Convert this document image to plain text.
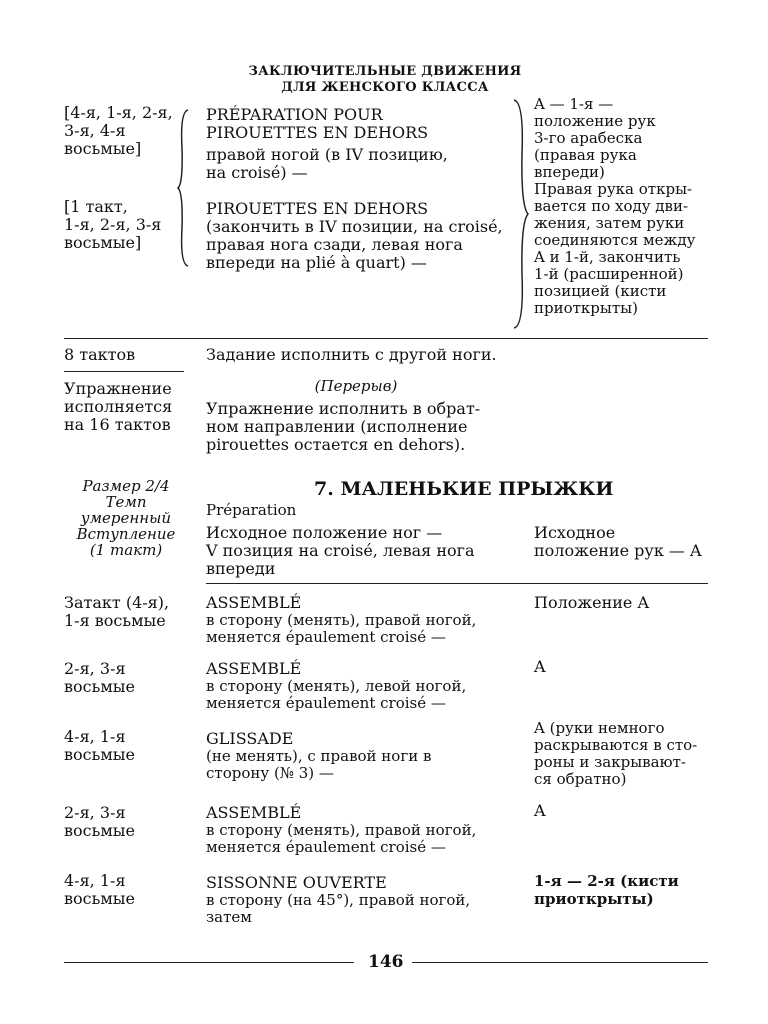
ЗАКЛЮЧИТЕЛЬНЫЕ ДВИЖЕНИЯ
ДЛЯ ЖЕНСКОГО КЛАССА
[4-я, 1-я, 2-я,
3-я, 4-я
восьмые]
[1 такт,
1-я, 2-я, 3-я
восьмые]
PRÉPARATION POUR
PIROUETTES EN DEHORS
правой ногой (в IV позицию,
на croisé) —
PIROUETTES EN DEHORS
(закончить в IV позиции, на croisé,
правая нога сзади, левая нога
впереди на plié à quart) —
A — 1-я —
положение рук
3-го арабеска
(правая рука
впереди)
Правая рука откры-
вается по ходу дви-
жения, затем руки
соединяются между
A и 1-й, закончить
1-й (расширенной)
позицией (кисти
приоткрыты)
8 тактов	Задание исполнить с другой ноги.
Упражнение
исполняется
на 16 тактов
(Перерыв)
Упражнение исполнить в обрат-
ном направлении (исполнение
pirouettes остается en dehors).
Размер 2/4
Темп
умеренный
Вступление
(1 такт)
7. МАЛЕНЬКИЕ ПРЫЖКИ
Préparation
Исходное положение ног —
V позиция на croisé, левая нога
впереди
Исходное
положение рук — A
Затакт (4-я),
1-я восьмые
ASSEMBLÉ
в сторону (менять), правой ногой,
меняется épaulement croisé —
Положение A
2-я, 3-я
восьмые
ASSEMBLÉ
в сторону (менять), левой ногой,
меняется épaulement croisé —
A
4-я, 1-я
восьмые
GLISSADE
(не менять), с правой ноги в
сторону (№ 3) —
A (руки немного
раскрываются в сто-
роны и закрывают-
ся обратно)
2-я, 3-я
восьмые
ASSEMBLÉ
в сторону (менять), правой ногой,
меняется épaulement croisé —
A
4-я, 1-я
восьмые
SISSONNE OUVERTE
в сторону (на 45°), правой ногой,
затем
1-я — 2-я (кисти
приоткрыты)
146
